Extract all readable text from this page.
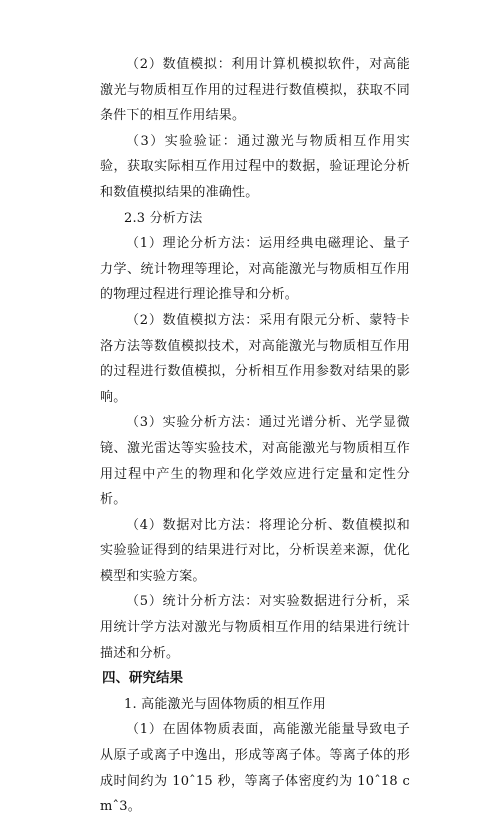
（2）数值模拟：利用计算机模拟软件，对高能激光与物质相互作用的过程进行数值模拟，获取不同条件下的相互作用结果。

（3）实验验证：通过激光与物质相互作用实验，获取实际相互作用过程中的数据，验证理论分析和数值模拟结果的准确性。

2.3 分析方法

（1）理论分析方法：运用经典电磁理论、量子力学、统计物理等理论，对高能激光与物质相互作用的物理过程进行理论推导和分析。

（2）数值模拟方法：采用有限元分析、蒙特卡洛方法等数值模拟技术，对高能激光与物质相互作用的过程进行数值模拟，分析相互作用参数对结果的影响。

（3）实验分析方法：通过光谱分析、光学显微镜、激光雷达等实验技术，对高能激光与物质相互作用过程中产生的物理和化学效应进行定量和定性分析。

（4）数据对比方法：将理论分析、数值模拟和实验验证得到的结果进行对比，分析误差来源，优化模型和实验方案。

（5）统计分析方法：对实验数据进行分析，采用统计学方法对激光与物质相互作用的结果进行统计描述和分析。

四、研究结果

1. 高能激光与固体物质的相互作用

（1）在固体物质表面，高能激光能量导致电子从原子或离子中逸出，形成等离子体。等离子体的形成时间约为 10ˆ15 秒，等离子体密度约为 10ˆ18 cmˆ3。
